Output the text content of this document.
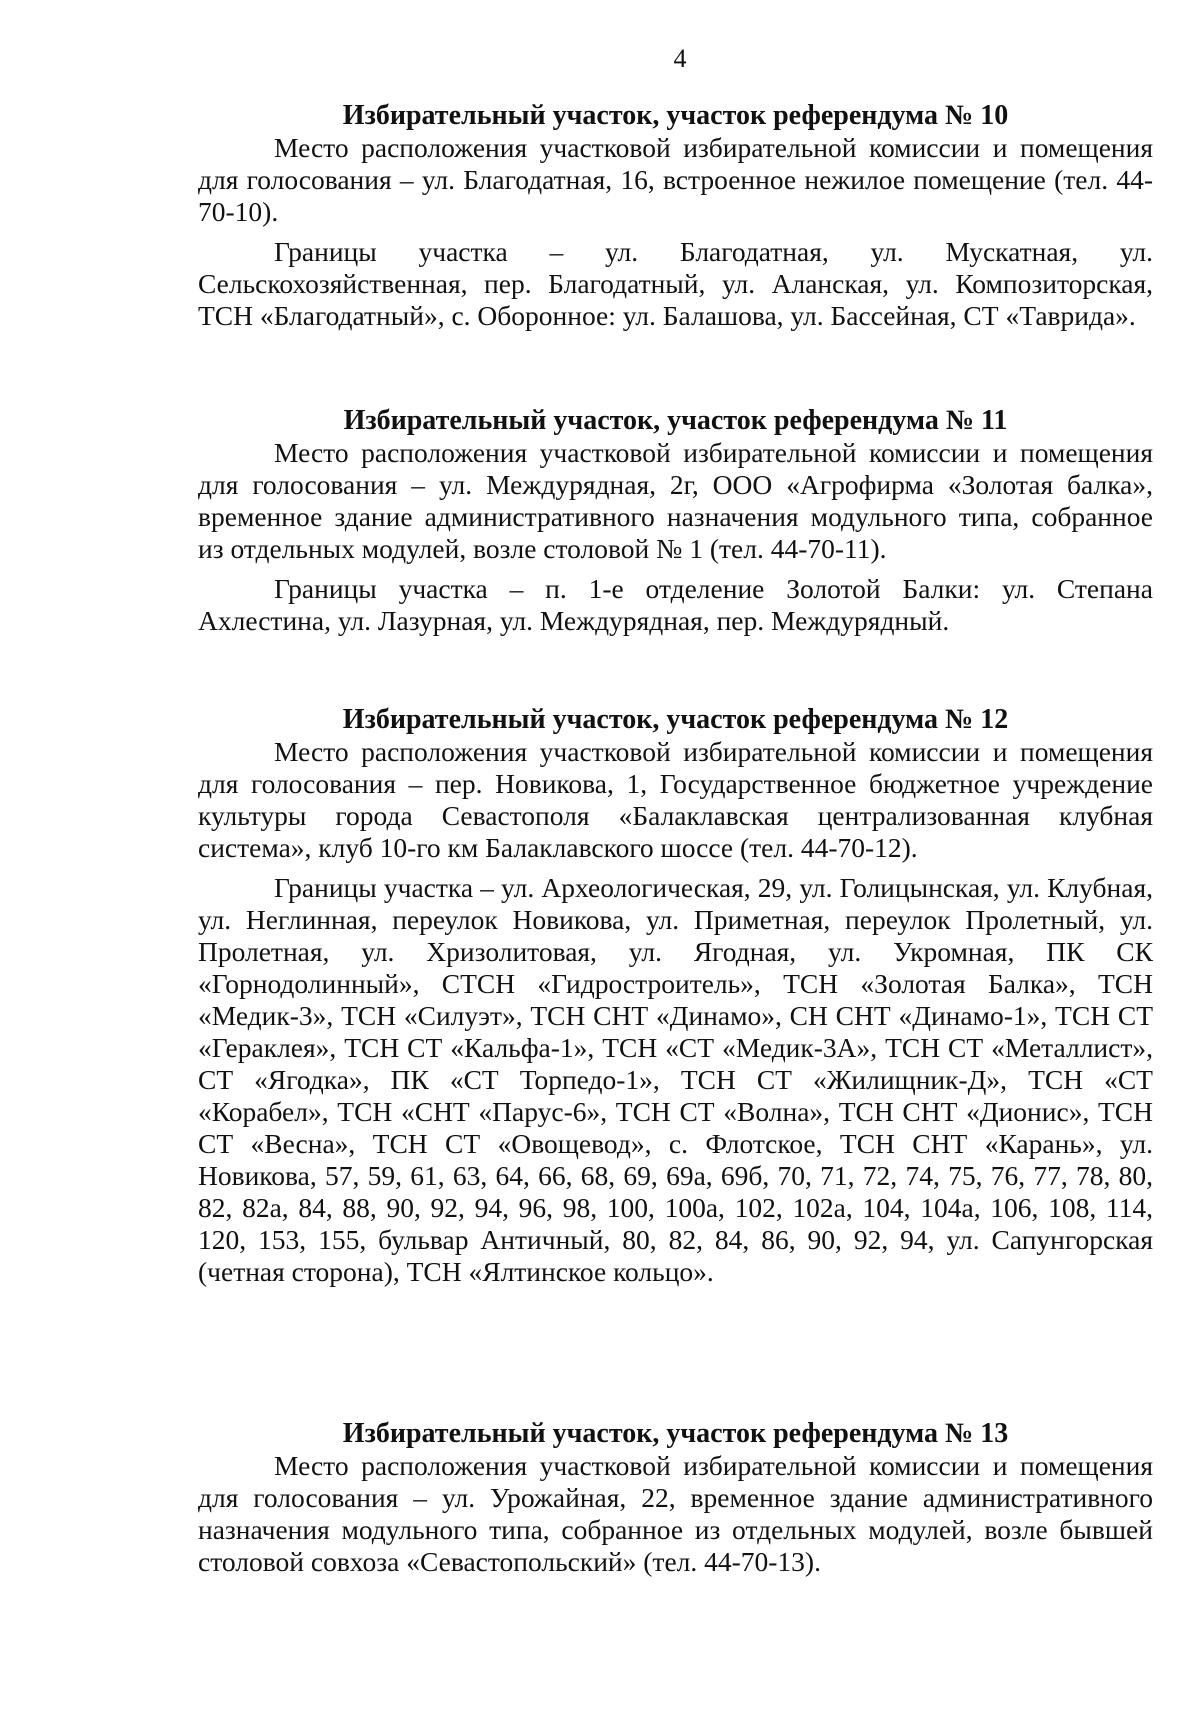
4
Избирательный участок, участок референдума № 10

Место расположения участковой избирательной комиссии и помещения для голосования – ул. Благодатная, 16, встроенное нежилое помещение (тел. 44-70-10).

Границы участка – ул. Благодатная, ул. Мускатная, ул. Сельскохозяйственная, пер. Благодатный, ул. Аланская, ул. Композиторская, ТСН «Благодатный», с. Оборонное: ул. Балашова, ул. Бассейная, СТ «Таврида».

Избирательный участок, участок референдума № 11

Место расположения участковой избирательной комиссии и помещения для голосования – ул. Междурядная, 2г, ООО «Агрофирма «Золотая балка», временное здание административного назначения модульного типа, собранное из отдельных модулей, возле столовой № 1 (тел. 44-70-11).

Границы участка – п. 1-е отделение Золотой Балки: ул. Степана Ахлестина, ул. Лазурная, ул. Междурядная, пер. Междурядный.

Избирательный участок, участок референдума № 12

Место расположения участковой избирательной комиссии и помещения для голосования – пер. Новикова, 1, Государственное бюджетное учреждение культуры города Севастополя «Балаклавская централизованная клубная система», клуб 10-го км Балаклавского шоссе (тел. 44-70-12).

Границы участка – ул. Археологическая, 29, ул. Голицынская, ул. Клубная, ул. Неглинная, переулок Новикова, ул. Приметная, переулок Пролетный, ул. Пролетная, ул. Хризолитовая, ул. Ягодная, ул. Укромная, ПК СК «Горнодолинный», СТСН «Гидростроитель», ТСН «Золотая Балка», ТСН «Медик-3», ТСН «Силуэт», ТСН СНТ «Динамо», СН СНТ «Динамо-1», ТСН СТ «Гераклея», ТСН СТ «Кальфа-1», ТСН «СТ «Медик-3А», ТСН СТ «Металлист», СТ «Ягодка», ПК «СТ Торпедо-1», ТСН СТ «Жилищник-Д», ТСН «СТ «Корабел», ТСН «СНТ «Парус-6», ТСН СТ «Волна», ТСН СНТ «Дионис», ТСН СТ «Весна», ТСН СТ «Овощевод», с. Флотское, ТСН СНТ «Карань», ул. Новикова, 57, 59, 61, 63, 64, 66, 68, 69, 69а, 69б, 70, 71, 72, 74, 75, 76, 77, 78, 80, 82, 82а, 84, 88, 90, 92, 94, 96, 98, 100, 100а, 102, 102а, 104, 104а, 106, 108, 114, 120, 153, 155, бульвар Античный, 80, 82, 84, 86, 90, 92, 94, ул. Сапунгорская (четная сторона), ТСН «Ялтинское кольцо».

Избирательный участок, участок референдума № 13

Место расположения участковой избирательной комиссии и помещения для голосования – ул. Урожайная, 22, временное здание административного назначения модульного типа, собранное из отдельных модулей, возле бывшей столовой совхоза «Севастопольский» (тел. 44-70-13).
